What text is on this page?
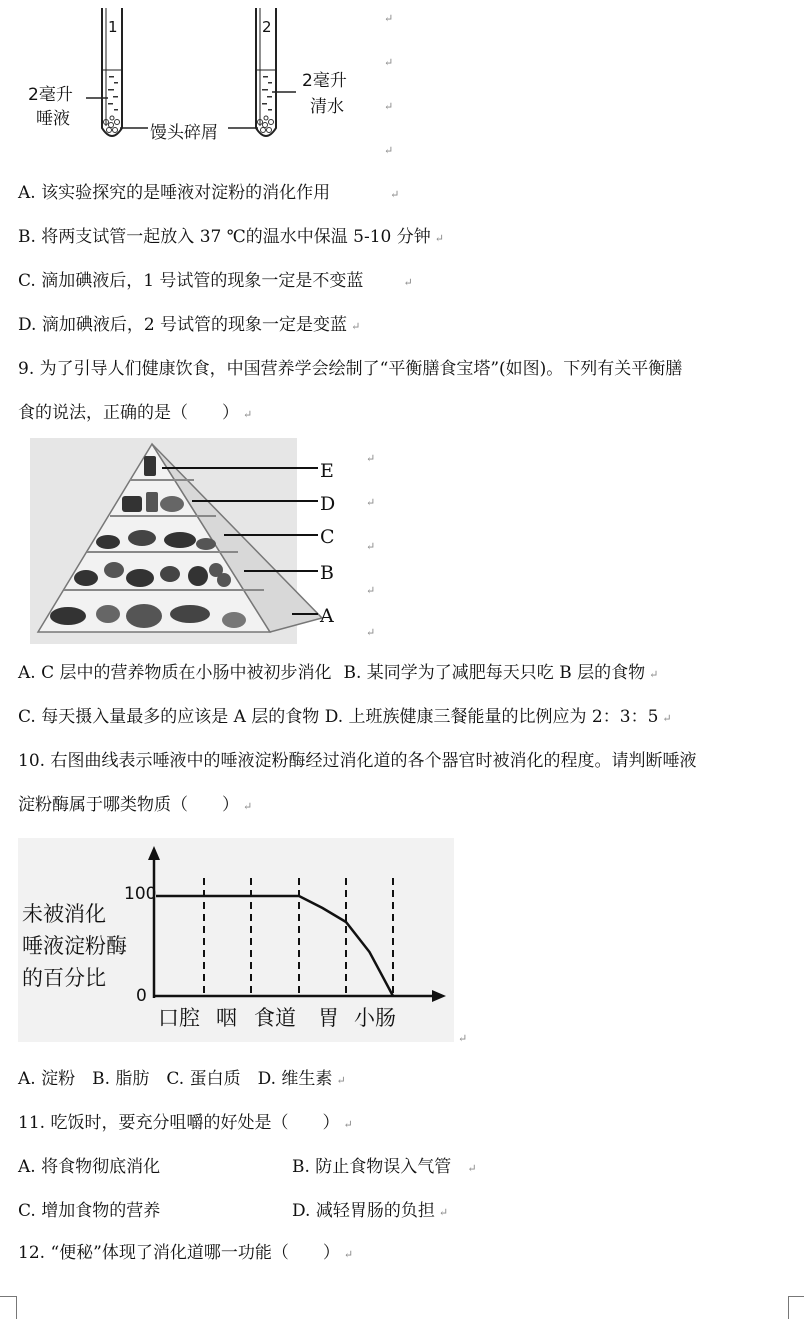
1	2
2毫升
唾液
馒头碎屑
2毫升
清水
↵
↵
↵
↵
A. 该实验探究的是唾液对淀粉的消化作用	↵
B. 将两支试管一起放入 37 ℃的温水中保温 5-10 分钟 ↵
C. 滴加碘液后，1 号试管的现象一定是不变蓝	↵
D. 滴加碘液后，2 号试管的现象一定是变蓝 ↵
9. 为了引导人们健康饮食，中国营养学会绘制了“平衡膳食宝塔”(如图)。下列有关平衡膳
食的说法，正确的是（　　） ↵
E
D
C
B
A
↵
↵
↵
↵
↵
A. C 层中的营养物质在小肠中被初步消化 B. 某同学为了减肥每天只吃 B 层的食物 ↵
C. 每天摄入量最多的应该是 A 层的食物 D. 上班族健康三餐能量的比例应为 2：3：5 ↵
10. 右图曲线表示唾液中的唾液淀粉酶经过消化道的各个器官时被消化的程度。请判断唾液
淀粉酶属于哪类物质（　　） ↵
100
0
未被消化
唾液淀粉酶
的百分比
口腔 咽 食道 胃 小肠
↵
A. 淀粉　B. 脂肪　C. 蛋白质　D. 维生素 ↵
11. 吃饭时，要充分咀嚼的好处是（　　） ↵
A. 将食物彻底消化	B. 防止食物误入气管 ↵
C. 增加食物的营养	D. 减轻胃肠的负担 ↵
12. “便秘”体现了消化道哪一功能（　　） ↵
